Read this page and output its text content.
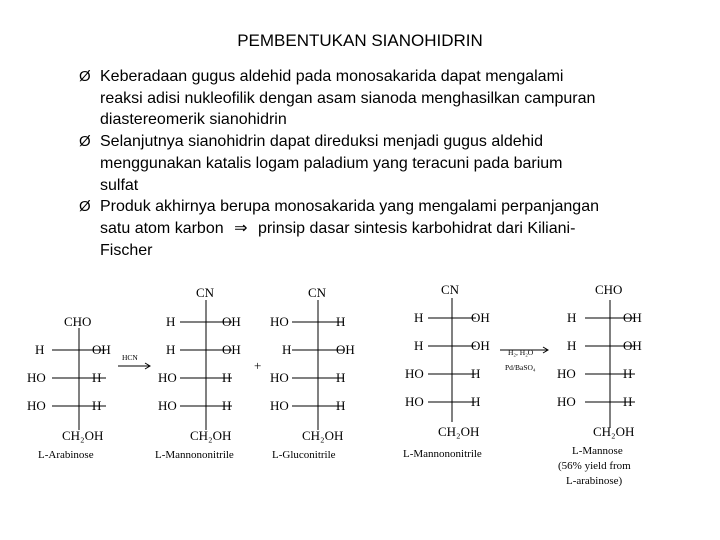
PEMBENTUKAN SIANOHIDRIN
Ø Keberadaan gugus aldehid pada monosakarida dapat mengalami
reaksi adisi nukleofilik dengan asam sianoda menghasilkan campuran
diastereomerik sianohidrin
Ø Selanjutnya sianohidrin dapat direduksi menjadi gugus aldehid
menggunakan katalis logam paladium yang teracuni pada barium
sulfat
Ø Produk akhirnya berupa monosakarida yang mengalami perpanjangan
satu atom karbon ⇒ prinsip dasar sintesis karbohidrat dari Kiliani-
Fischer
CHO
H	OH
HO	H
HO	H
CH₂OH
L-Arabinose
HCN
CN
H	OH
H	OH
HO	H
HO	H
CH₂OH
L-Mannononitrile
+
CN
HO	H
H	OH
HO	H
HO	H
CH₂OH
L-Gluconitrile
CN
H	OH
H	OH
HO	H
HO	H
CH₂OH
L-Mannononitrile
H₂, H₂O
Pd/BaSO₄
CHO
H	OH
H	OH
HO	H
HO	H
CH₂OH
L-Mannose
(56% yield from
L-arabinose)
